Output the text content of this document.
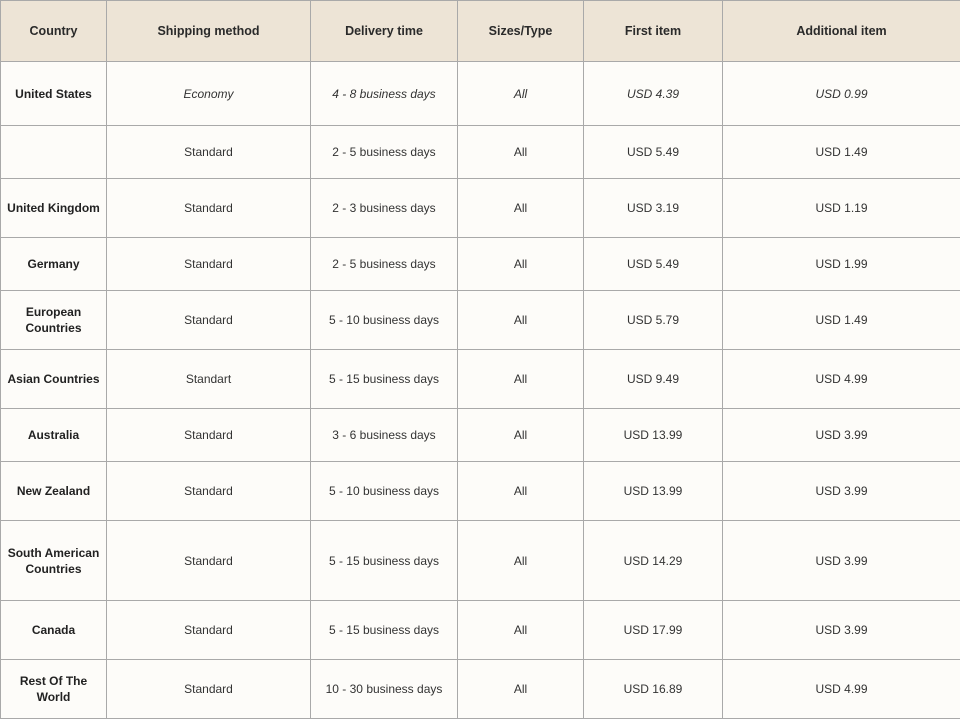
Country	Shipping method	Delivery time	Sizes/Type	First item	Additional item
United States	Economy	4 - 8 business days	All	USD 4.39	USD 0.99
	Standard	2 - 5 business days	All	USD 5.49	USD 1.49
United Kingdom	Standard	2 - 3 business days	All	USD 3.19	USD 1.19
Germany	Standard	2 - 5 business days	All	USD 5.49	USD 1.99
European Countries	Standard	5 - 10 business days	All	USD 5.79	USD 1.49
Asian Countries	Standart	5 - 15 business days	All	USD 9.49	USD 4.99
Australia	Standard	3 - 6 business days	All	USD 13.99	USD 3.99
New Zealand	Standard	5 - 10 business days	All	USD 13.99	USD 3.99
South American Countries	Standard	5 - 15 business days	All	USD 14.29	USD 3.99
Canada	Standard	5 - 15 business days	All	USD 17.99	USD 3.99
Rest Of The World	Standard	10 - 30 business days	All	USD 16.89	USD 4.99
